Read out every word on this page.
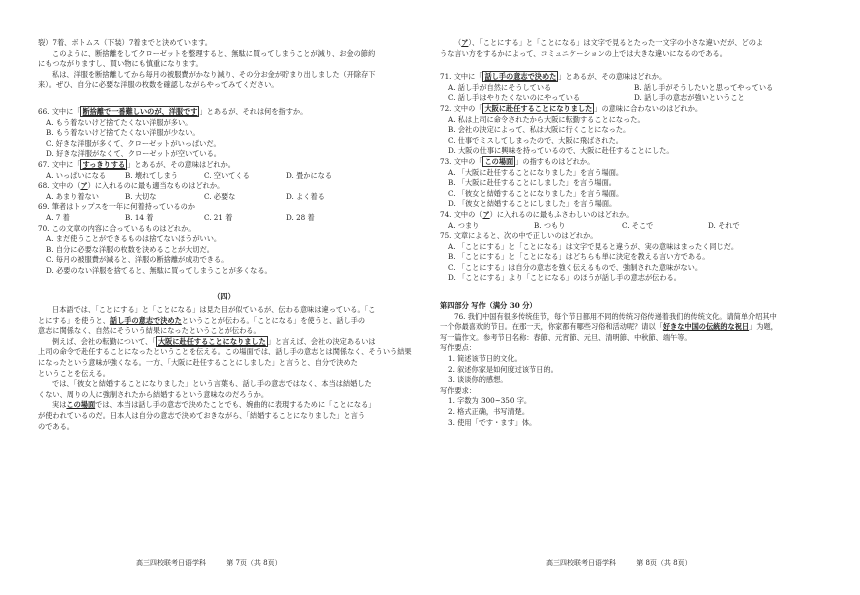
裂）7着、ボトムス（下装）7着までと決めています。

このように、断捨離をしてクローゼットを整理すると、無駄に買ってしまうことが減り、お金の節約

にもつながりますし、買い物にも慎重になります。

私は、洋服を断捨離してから毎月の被服費がかなり減り、その分お金が貯まり出しました（开除存下

来）。ぜひ、自分に必要な洋服の枚数を確認しながらやってみてください。

66. 文中に「 断捨離で一番難しいのが、洋服です 」とあるが、それは何を指すか。

A. もう着ないけど捨てたくない洋服が多い。

B. もう着ないけど捨てたくない洋服が少ない。

C. 好きな洋服が多くて、クローゼットがいっぱいだ。

D. 好きな洋服がなくて、クローゼットが空いている。

67. 文中に「 すっきりする 」とあるが、その意味はどれか。

A. いっぱいになる	B. 壊れてしまう	C. 空いてくる	D. 畳かになる

68. 文中の（ア）に入れるのに最も適当なものはどれか。

A. あまり着ない	B. 大切な	C. 必要な	D. よく着る

69. 筆者はトップスを一年に何着持っているのか

A. 7 着	B. 14 着	C. 21 着	D. 28 着

70. この文章の内容に合っているものはどれか。

A. まだ使うことができるものは捨てないほうがいい。

B. 自分に必要な洋服の枚数を決めることが大切だ。

C. 毎月の被服費が減ると、洋服の断捨離が成功できる。

D. 必要のない洋服を捨てると、無駄に買ってしまうことが多くなる。

（四）

日本語では、「ことにする」と「ことになる」は見た目が似ているが、伝わる意味は違っている。「こ

とにする」を使うと、話し手の意志で決めたということが伝わる。「ことになる」を使うと、話し手の

意志に関係なく、自然にそういう結果になったということが伝わる。

例えば、会社の転勤について、「 大阪に赴任することになりました 」と言えば、会社の決定あるいは

上司の命令で赴任することになったということを伝える。この場面では、話し手の意志とは関係なく、そういう結果

になったという意味が強くなる。一方、「大阪に赴任することにしました」と言うと、自分で決めた

ということを伝える。

では、「彼女と結婚することになりました」という言葉も、話し手の意志ではなく、本当は結婚した

くない、周りの人に強制されたから結婚するという意味なのだろうか。

実はこの場面では、本当は話し手の意志で決めたことでも、婉曲的に表現するために「ことになる」

が使われているのだ。日本人は自分の意志で決めておきながら、「結婚することになりました」と言う

のである。

（ア）、「ことにする」と「ことになる」は文字で見るとたった一文字の小さな違いだが、どのよ

うな言い方をするかによって、コミュニケーションの上では大きな違いになるのである。

71. 文中に「 話し手の意志で決めた 」とあるが、その意味はどれか。

A. 話し手が自然にそうしている	B. 話し手がそうしたいと思ってやっている
C. 話し手はやりたくないのにやっている	D. 話し手の意志が強いということ

72. 文中の「 大阪に赴任することになりました 」の意味に合わないのはどれか。

A. 私は上司に命令されたから大阪に転勤することになった。

B. 会社の決定によって、私は大阪に行くことになった。

C. 仕事でミスしてしまったので、大阪に飛ばされた。

D. 大阪の仕事に興味を持っているので、大阪に赴任することにした。

73. 文中の「 この場面 」の指すものはどれか。

A. 「大阪に赴任することになりました」を言う場面。

B. 「大阪に赴任することにしました」を言う場面。

C. 「彼女と結婚することになりました」を言う場面。

D. 「彼女と結婚することにしました」を言う場面。

74. 文中の（ア）に入れるのに最もふさわしいのはどれか。

A. つまり	B. つもり	C. そこで	D. それで

75. 文章によると、次の中で正しいのはどれか。

A. 「ことにする」と「ことになる」は文字で見ると違うが、実の意味はまったく同じだ。

B. 「ことにする」と「ことになる」はどちらも単に決定を教える言い方である。

C. 「ことにする」は自分の意志を強く伝えるもので、強制された意味がない。

D. 「ことにする」より「ことになる」のほうが話し手の意志が伝わる。

第四部分 写作（满分 30 分）

76. 我们中国有很多传统佳节，每个节日都用不同的传统习俗传递着我们的传统文化。请简单介绍其中

一个你最喜欢的节日。在那一天，你家都有哪些习俗和活动呢？请以「好きな中国の伝統的な祝日」为题，

写一篇作文。参考节日名称：春節、元宵節、元旦、清明節、中秋節、端午等。

写作要点：

1. 简述该节日的文化。

2. 叙述你家是如何度过该节日的。

3. 谈谈你的感想。

写作要求：

1. 字数为 300~350 字。

2. 格式正确，书写清楚。

3. 使用「です・ます」体。

高三四校联考日语学科	第 7页（共 8页）	高三四校联考日语学科	第 8页（共 8页）
